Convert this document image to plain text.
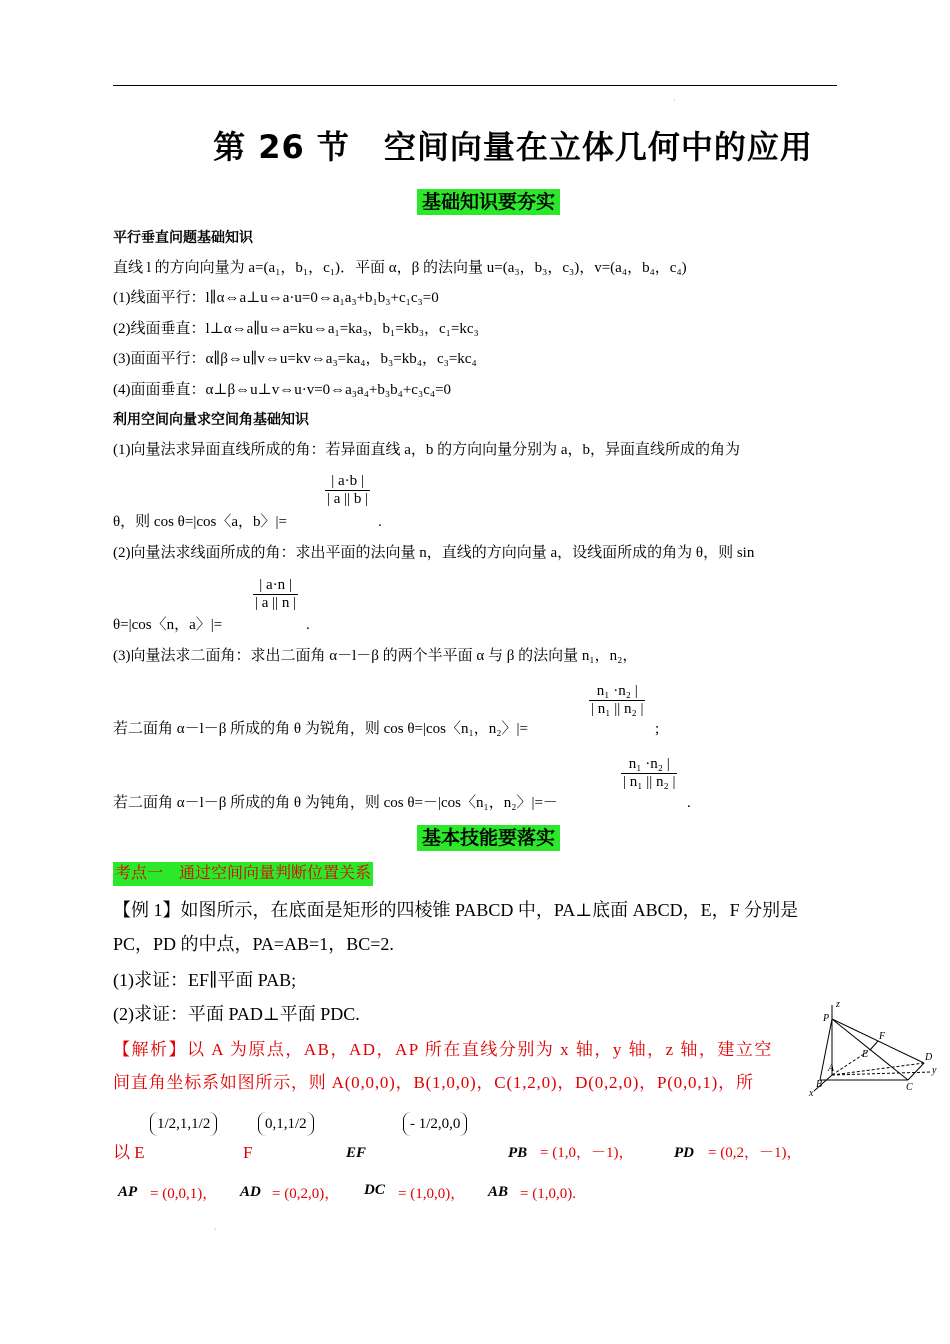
·
第 26 节 空间向量在立体几何中的应用
基础知识要夯实
平行垂直问题基础知识
直线 l 的方向向量为 a=(a₁，b₁，c₁)．平面 α，β 的法向量 u=(a₃，b₃，c₃)，v=(a₄，b₄，c₄)
(1)线面平行：l∥α⇔a⊥u⇔a·u=0⇔a₁a₃+b₁b₃+c₁c₃=0
(2)线面垂直：l⊥α⇔a∥u⇔a=ku⇔a₁=ka₃，b₁=kb₃，c₁=kc₃
(3)面面平行：α∥β⇔u∥v⇔u=kv⇔a₃=ka₄，b₃=kb₄，c₃=kc₄
(4)面面垂直：α⊥β⇔u⊥v⇔u·v=0⇔a₃a₄+b₃b₄+c₃c₄=0
利用空间向量求空间角基础知识
(1)向量法求异面直线所成的角：若异面直线 a，b 的方向向量分别为 a，b，异面直线所成的角为
$\frac{| a\cdot b |}{| a || b |}$
θ，则 cos θ=|cos〈a，b〉|=	.
(2)向量法求线面所成的角：求出平面的法向量 n，直线的方向向量 a，设线面所成的角为 θ，则 sin
$\frac{| a\cdot n |}{| a || n |}$
θ=|cos〈n，a〉|=	.
(3)向量法求二面角：求出二面角 α－l－β 的两个半平面 α 与 β 的法向量 n₁，n₂，
$\frac{\text{n₁ ·n₂ |}}{\text{| n₁ || n₂ |}}$
若二面角 α－l－β 所成的角 θ 为锐角，则 cos θ=|cos〈n₁，n₂〉|=	;
$\frac{\text{n₁ ·n₂ |}}{\text{| n₁ || n₂ |}}$
若二面角 α－l－β 所成的角 θ 为钝角，则 cos θ=－|cos〈n₁，n₂〉|=－	.
基本技能要落实
考点一　通过空间向量判断位置关系
【例 1】如图所示，在底面是矩形的四棱锥 PABCD 中，PA⊥底面 ABCD，E，F 分别是
PC，PD 的中点，PA=AB=1，BC=2.
(1)求证：EF∥平面 PAB;
(2)求证：平面 PAD⊥平面 PDC.
【解析】以 A 为原点，AB，AD，AP 所在直线分别为 x 轴，y 轴，z 轴，建立空
间直角坐标系如图所示，则 A(0,0,0)，B(1,0,0)，C(1,2,0)，D(0,2,0)，P(0,0,1)，所
以 E
1/2,1,1/2
F
0,1,1/2
EF
- 1/2,0,0
PB = (1,0，－1)，	PD = (0,2，－1)，
AP = (0,0,1)， AD = (0,2,0)， DC = (1,0,0)， AB = (1,0,0).
·
z
P
F
E	D
y
A
B	C
x
